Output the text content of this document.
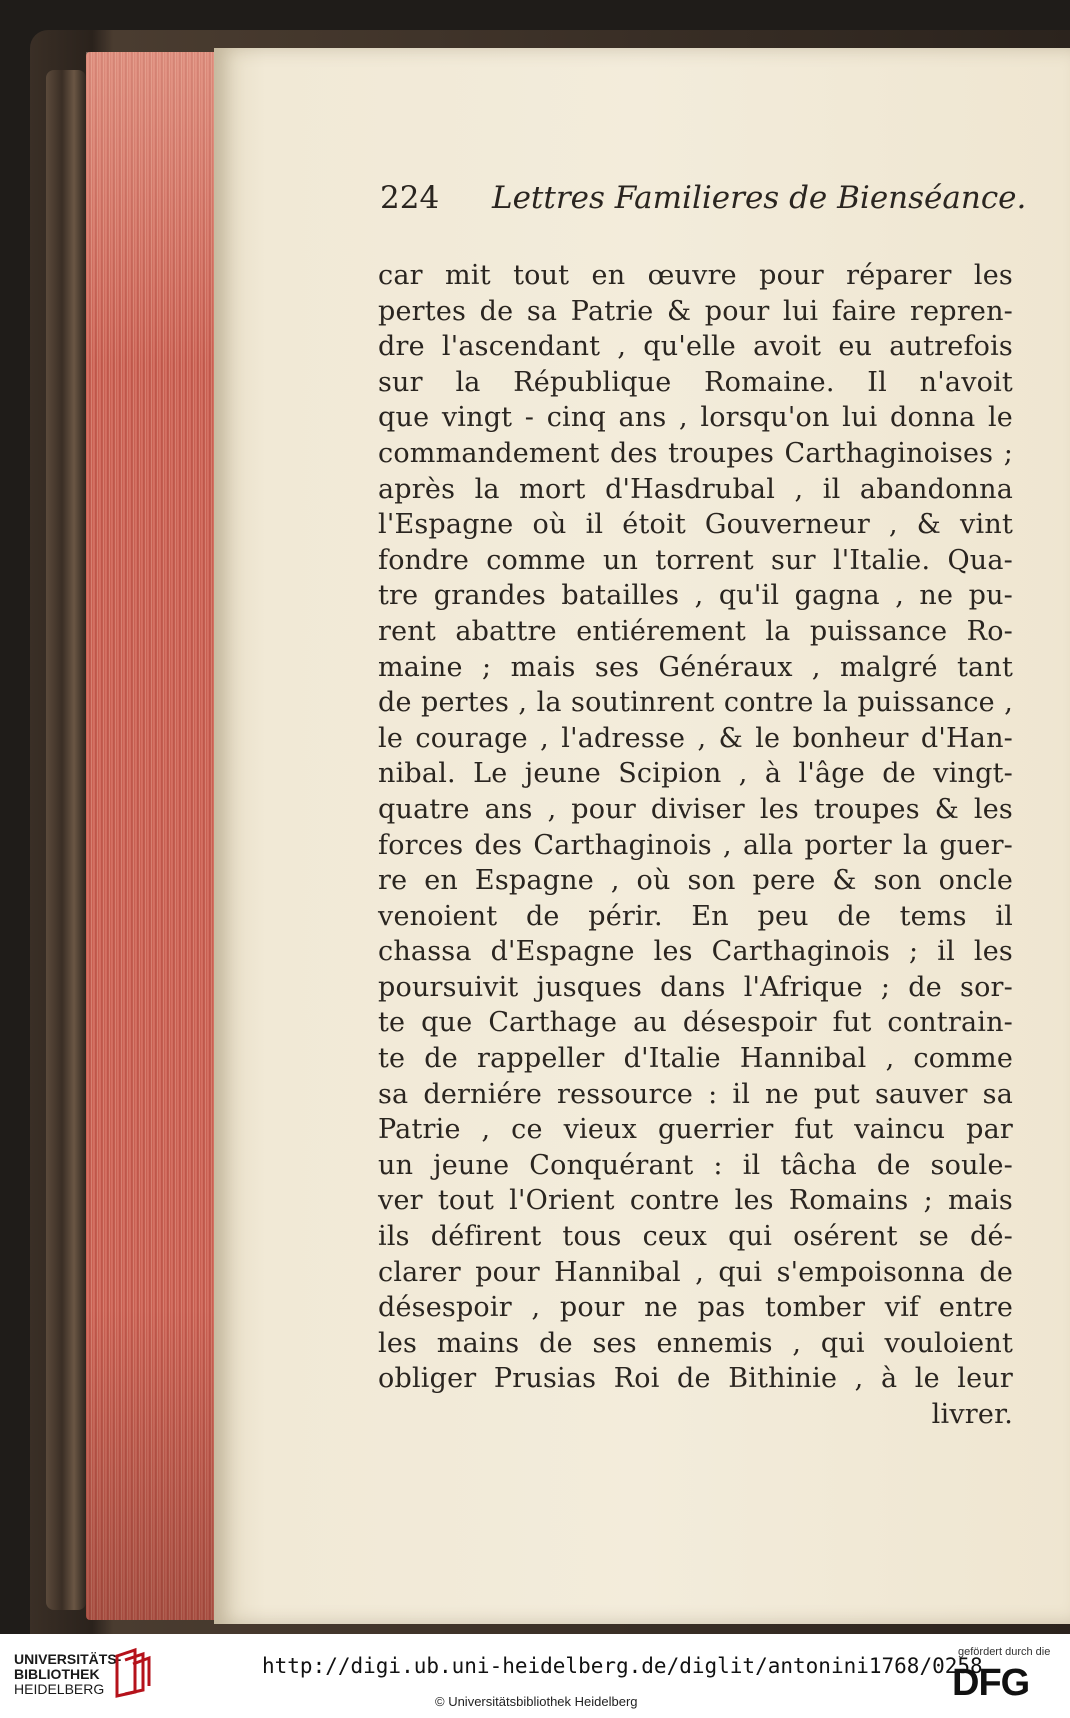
224 Lettres Familieres de Bienséance.
car mit tout en œuvre pour réparer les
pertes de sa Patrie & pour lui faire repren-
dre l'ascendant , qu'elle avoit eu autrefois
sur la République Romaine. Il n'avoit
que vingt - cinq ans , lorsqu'on lui donna le
commandement des troupes Carthaginoises ;
après la mort d'Hasdrubal , il abandonna
l'Espagne où il étoit Gouverneur , & vint
fondre comme un torrent sur l'Italie. Qua-
tre grandes batailles , qu'il gagna , ne pu-
rent abattre entiérement la puissance Ro-
maine ; mais ses Généraux , malgré tant
de pertes , la soutinrent contre la puissance ,
le courage , l'adresse , & le bonheur d'Han-
nibal. Le jeune Scipion , à l'âge de vingt-
quatre ans , pour diviser les troupes & les
forces des Carthaginois , alla porter la guer-
re en Espagne , où son pere & son oncle
venoient de périr. En peu de tems il
chassa d'Espagne les Carthaginois ; il les
poursuivit jusques dans l'Afrique ; de sor-
te que Carthage au désespoir fut contrain-
te de rappeller d'Italie Hannibal , comme
sa derniére ressource : il ne put sauver sa
Patrie , ce vieux guerrier fut vaincu par
un jeune Conquérant : il tâcha de soule-
ver tout l'Orient contre les Romains ; mais
ils défirent tous ceux qui osérent se dé-
clarer pour Hannibal , qui s'empoisonna de
désespoir , pour ne pas tomber vif entre
les mains de ses ennemis , qui vouloient
obliger Prusias Roi de Bithinie , à le leur
livrer.
UNIVERSITÄTS-
BIBLIOTHEK
HEIDELBERG
http://digi.ub.uni-heidelberg.de/diglit/antonini1768/0258
© Universitätsbibliothek Heidelberg
gefördert durch die
DFG
